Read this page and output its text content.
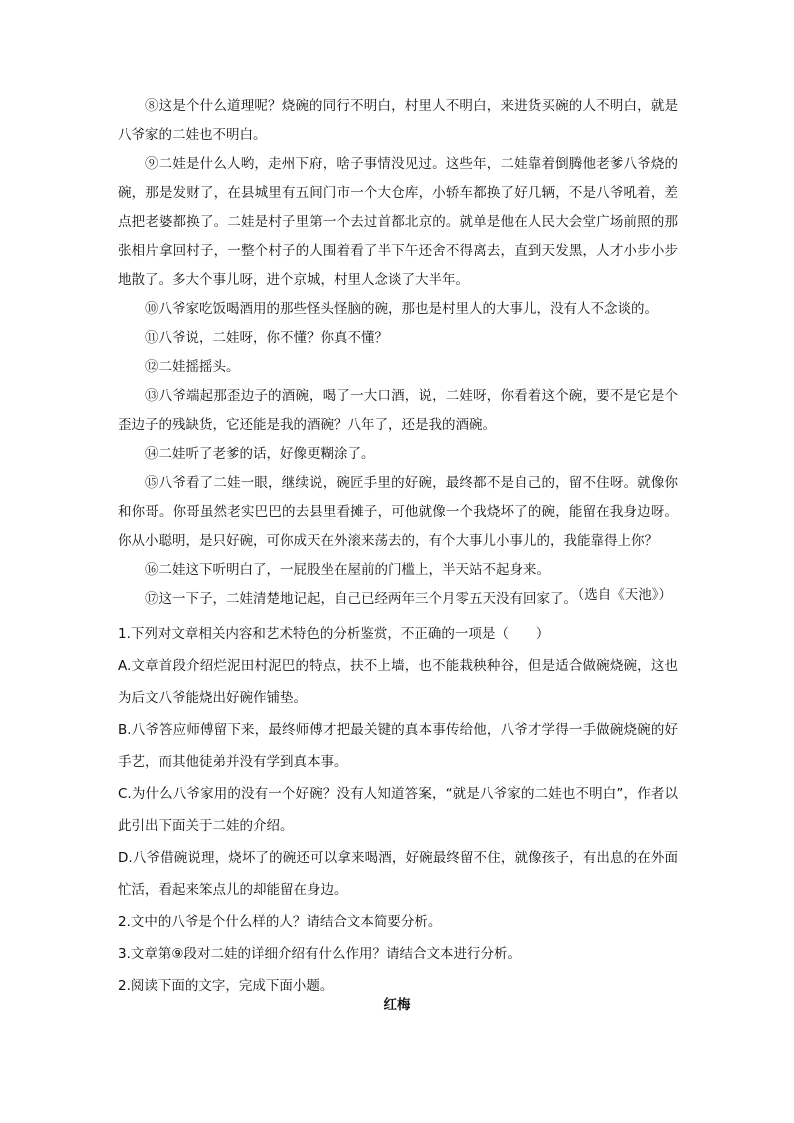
⑧这是个什么道理呢？烧碗的同行不明白，村里人不明白，来进货买碗的人不明白，就是八爷家的二娃也不明白。

⑨二娃是什么人哟，走州下府，啥子事情没见过。这些年，二娃靠着倒腾他老爹八爷烧的碗，那是发财了，在县城里有五间门市一个大仓库，小轿车都换了好几辆，不是八爷吼着，差点把老婆都换了。二娃是村子里第一个去过首都北京的。就单是他在人民大会堂广场前照的那张相片拿回村子，一整个村子的人围着看了半下午还舍不得离去，直到天发黑，人才小步小步地散了。多大个事儿呀，进个京城，村里人念谈了大半年。

⑩八爷家吃饭喝酒用的那些怪头怪脑的碗，那也是村里人的大事儿，没有人不念谈的。

⑪八爷说，二娃呀，你不懂？你真不懂？

⑫二娃摇摇头。

⑬八爷端起那歪边子的酒碗，喝了一大口酒，说，二娃呀，你看着这个碗，要不是它是个歪边子的残缺货，它还能是我的酒碗？八年了，还是我的酒碗。

⑭二娃听了老爹的话，好像更糊涂了。

⑮八爷看了二娃一眼，继续说，碗匠手里的好碗，最终都不是自己的，留不住呀。就像你和你哥。你哥虽然老实巴巴的去县里看摊子，可他就像一个我烧坏了的碗，能留在我身边呀。你从小聪明，是只好碗，可你成天在外滚来荡去的，有个大事儿小事儿的，我能靠得上你？

⑯二娃这下听明白了，一屁股坐在屋前的门槛上，半天站不起身来。

⑰这一下子，二娃清楚地记起，自己已经两年三个月零五天没有回家了。

（选自《天池》）

1.下列对文章相关内容和艺术特色的分析鉴赏，不正确的一项是（　　）

A.文章首段介绍烂泥田村泥巴的特点，扶不上墙，也不能栽秧种谷，但是适合做碗烧碗，这也为后文八爷能烧出好碗作铺垫。

B.八爷答应师傅留下来，最终师傅才把最关键的真本事传给他，八爷才学得一手做碗烧碗的好手艺，而其他徒弟并没有学到真本事。

C.为什么八爷家用的没有一个好碗？没有人知道答案，“就是八爷家的二娃也不明白”，作者以此引出下面关于二娃的介绍。

D.八爷借碗说理，烧坏了的碗还可以拿来喝酒，好碗最终留不住，就像孩子，有出息的在外面忙活，看起来笨点儿的却能留在身边。

2.文中的八爷是个什么样的人？请结合文本简要分析。

3.文章第⑨段对二娃的详细介绍有什么作用？请结合文本进行分析。

2.阅读下面的文字，完成下面小题。

红梅
